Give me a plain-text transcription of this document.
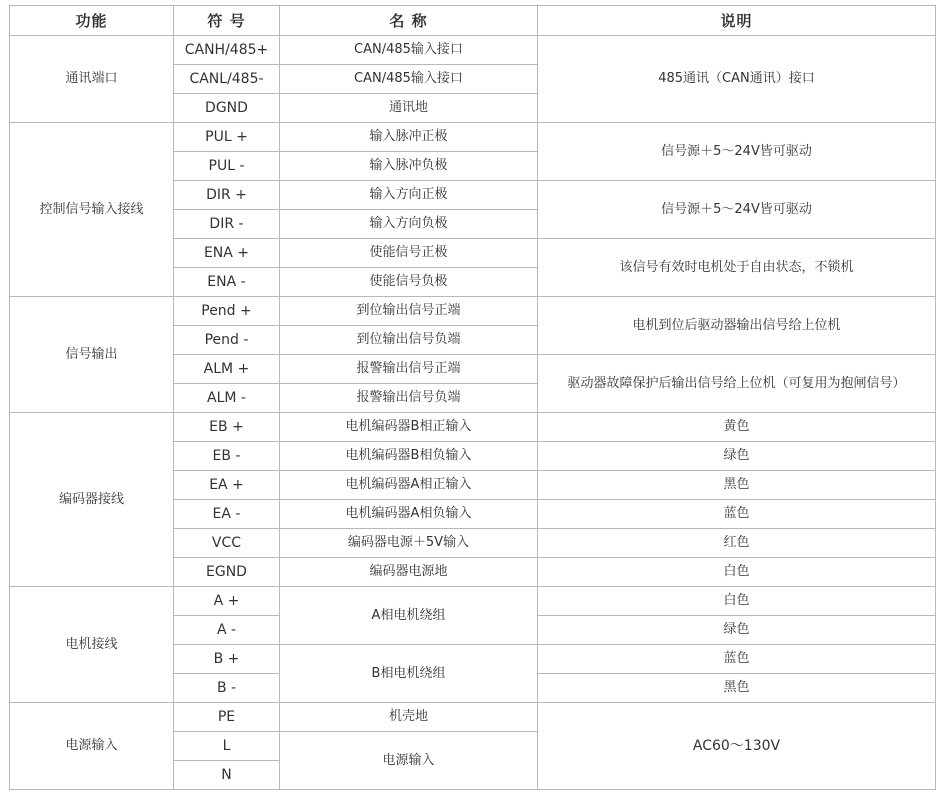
功能	符 号	名 称	说明
通讯端口	CANH/485+	CAN/485输入接口	485通讯（CAN通讯）接口
	CANL/485-	CAN/485输入接口	
	DGND	通讯地	
控制信号输入接线	PUL +	输入脉冲正极	信号源＋5～24V皆可驱动
	PUL -	输入脉冲负极	
	DIR +	输入方向正极	信号源＋5～24V皆可驱动
	DIR -	输入方向负极	
	ENA +	使能信号正极	该信号有效时电机处于自由状态，不锁机
	ENA -	使能信号负极	
信号输出	Pend +	到位输出信号正端	电机到位后驱动器输出信号给上位机
	Pend -	到位输出信号负端	
	ALM +	报警输出信号正端	驱动器故障保护后输出信号给上位机（可复用为抱闸信号）
	ALM -	报警输出信号负端	
编码器接线	EB +	电机编码器B相正输入	黄色
	EB -	电机编码器B相负输入	绿色
	EA +	电机编码器A相正输入	黑色
	EA -	电机编码器A相负输入	蓝色
	VCC	编码器电源＋5V输入	红色
	EGND	编码器电源地	白色
电机接线	A +	A相电机绕组	白色
	A -		绿色
	B +	B相电机绕组	蓝色
	B -		黑色
电源输入	PE	机壳地	AC60～130V
	L	电源输入	
	N		
